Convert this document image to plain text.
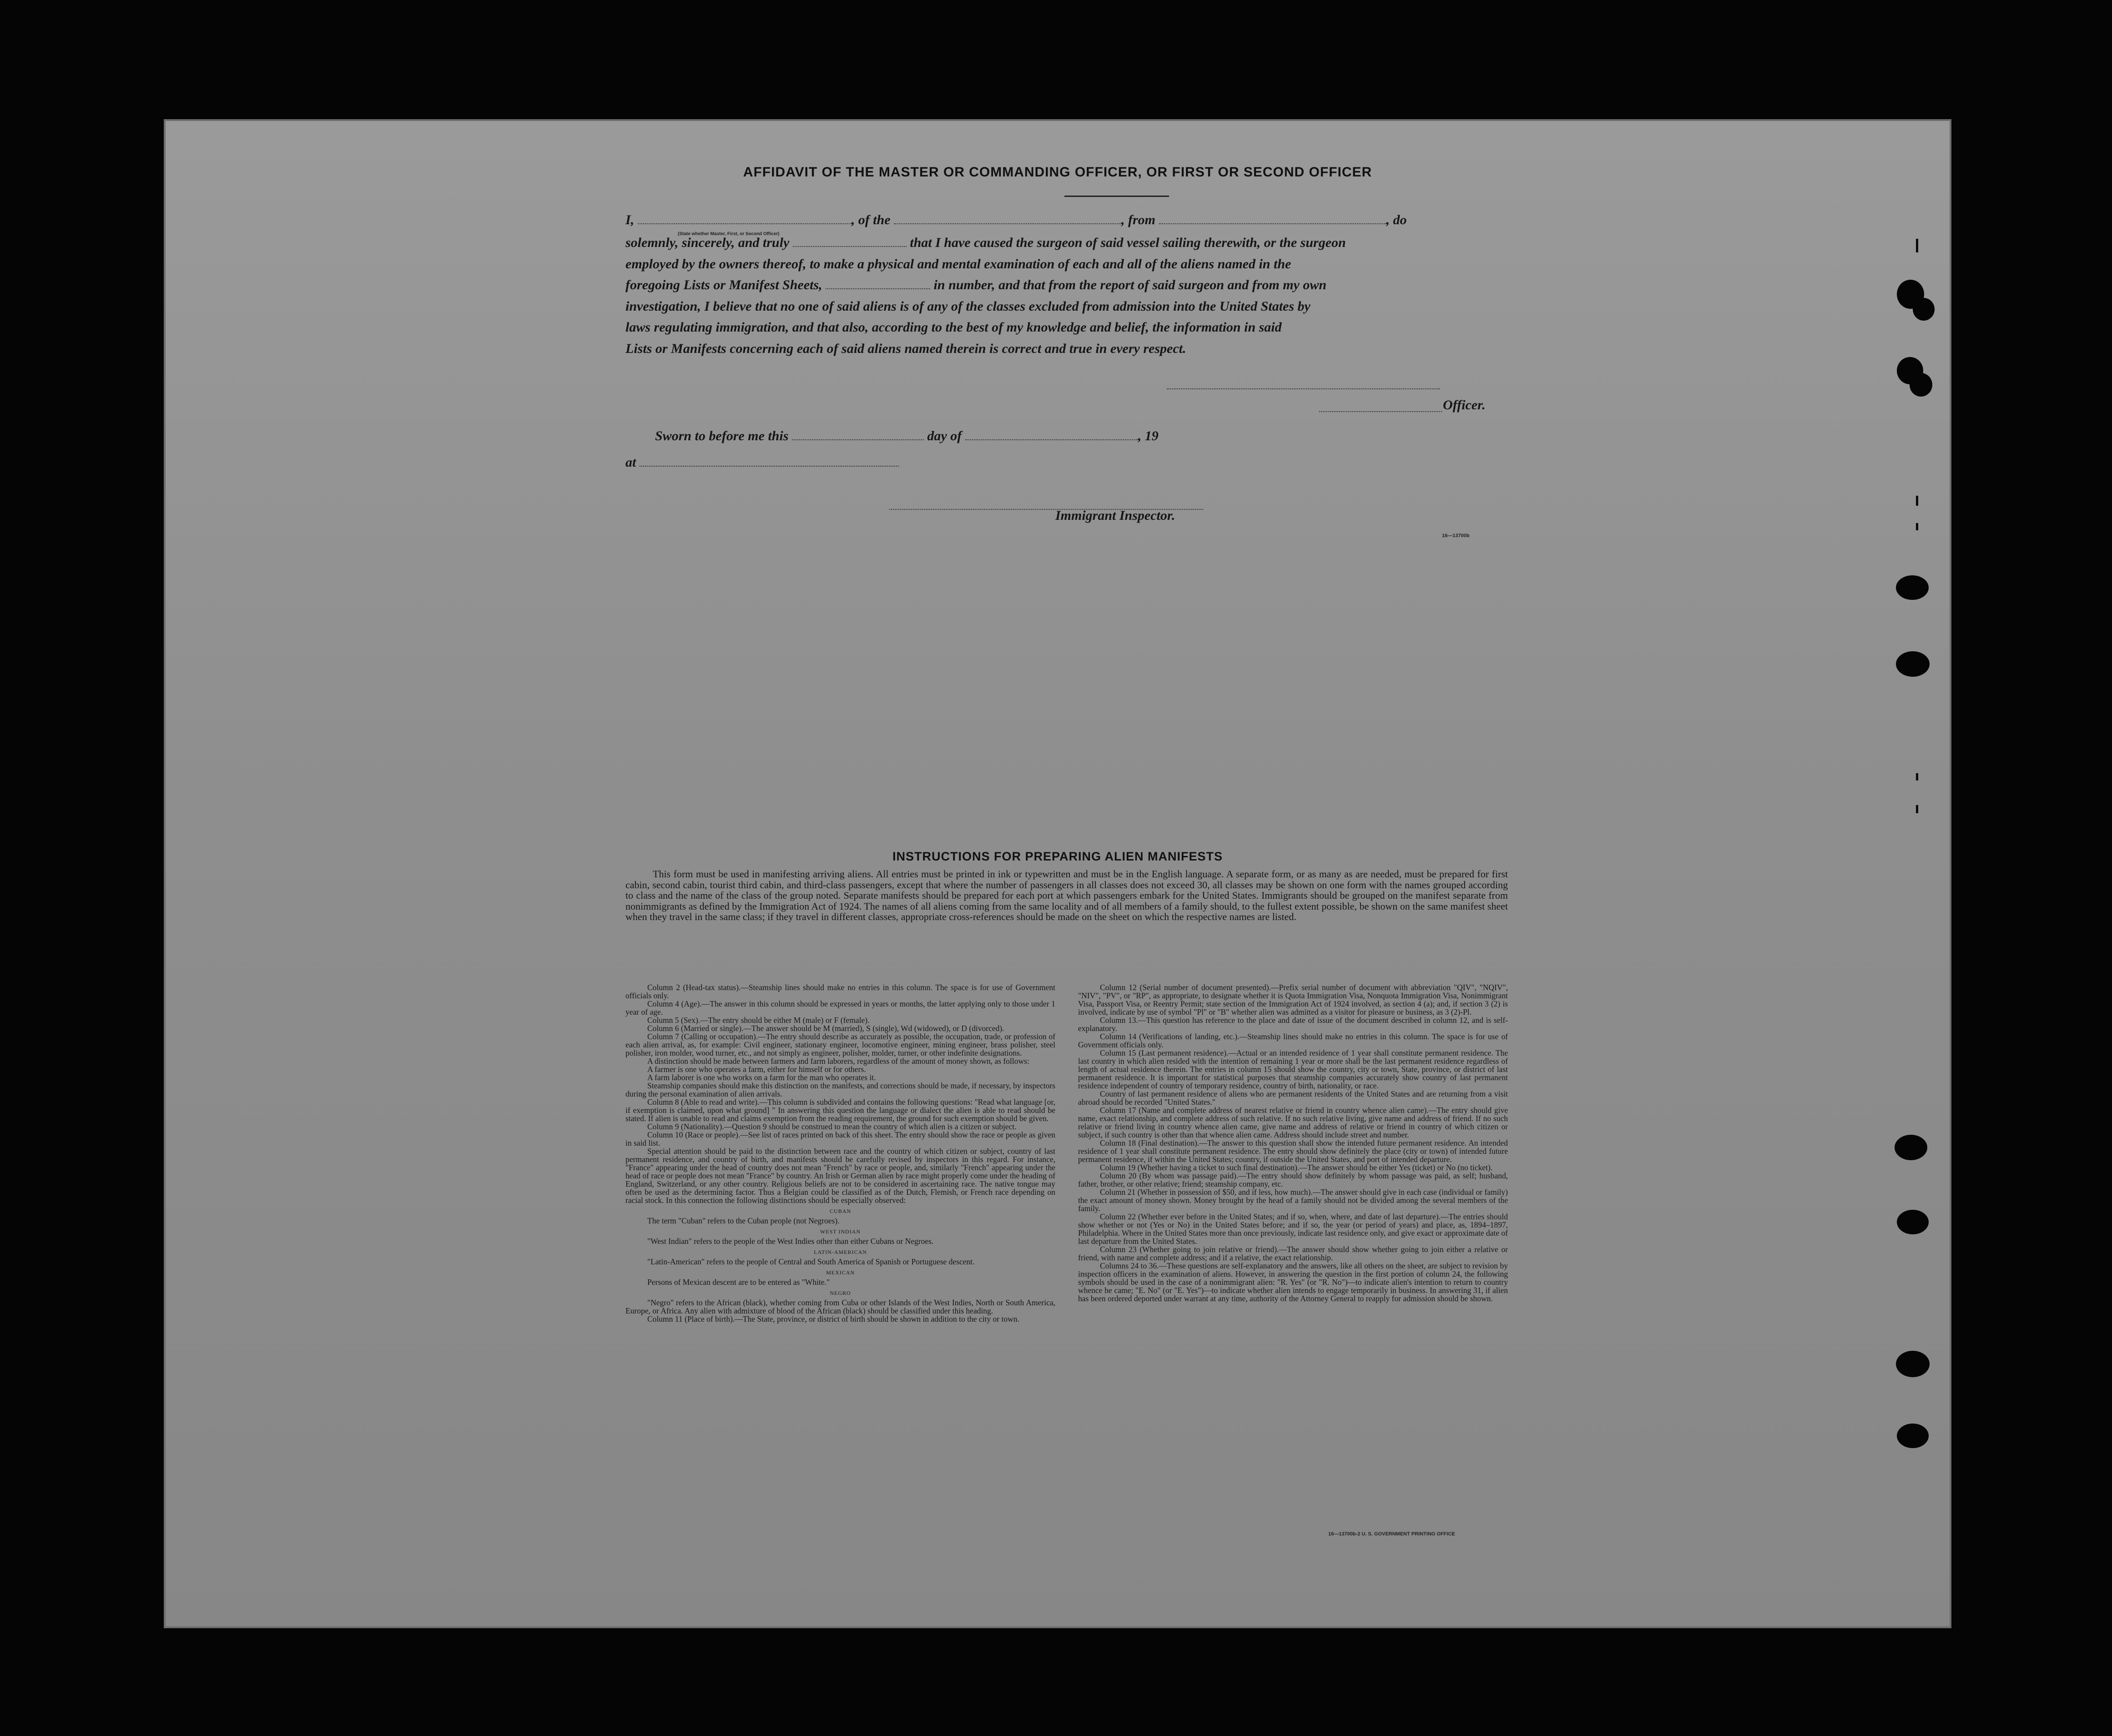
AFFIDAVIT OF THE MASTER OR COMMANDING OFFICER, OR FIRST OR SECOND OFFICER
I,	, of the	, from	, do
(State whether Master, First, or Second Officer)
solemnly, sincerely, and truly	that I have caused the surgeon of said vessel sailing therewith, or the surgeon
employed by the owners thereof, to make a physical and mental examination of each and all of the aliens named in the
foregoing Lists or Manifest Sheets,	in number, and that from the report of said surgeon and from my own
investigation, I believe that no one of said aliens is of any of the classes excluded from admission into the United States by
laws regulating immigration, and that also, according to the best of my knowledge and belief, the information in said
Lists or Manifests concerning each of said aliens named therein is correct and true in every respect.
Officer.
Sworn to before me this	day of	, 19
at
Immigrant Inspector.
16—13700b
INSTRUCTIONS FOR PREPARING ALIEN MANIFESTS
This form must be used in manifesting arriving aliens. All entries must be printed in ink or typewritten and must be in the English language. A separate form, or as many as are needed, must be prepared for first cabin, second cabin, tourist third cabin, and third-class passengers, except that where the number of passengers in all classes does not exceed 30, all classes may be shown on one form with the names grouped according to class and the name of the class of the group noted. Separate manifests should be prepared for each port at which passengers embark for the United States. Immigrants should be grouped on the manifest separate from nonimmigrants as defined by the Immigration Act of 1924. The names of all aliens coming from the same locality and of all members of a family should, to the fullest extent possible, be shown on the same manifest sheet when they travel in the same class; if they travel in different classes, appropriate cross-references should be made on the sheet on which the respective names are listed.

Column 2 (Head-tax status).—Steamship lines should make no entries in this column. The space is for use of Government officials only.

Column 4 (Age).—The answer in this column should be expressed in years or months, the latter applying only to those under 1 year of age.

Column 5 (Sex).—The entry should be either M (male) or F (female).

Column 6 (Married or single).—The answer should be M (married), S (single), Wd (widowed), or D (divorced).

Column 7 (Calling or occupation).—The entry should describe as accurately as possible, the occupation, trade, or profession of each alien arrival, as, for example: Civil engineer, stationary engineer, locomotive engineer, mining engineer, brass polisher, steel polisher, iron molder, wood turner, etc., and not simply as engineer, polisher, molder, turner, or other indefinite designations.

A distinction should be made between farmers and farm laborers, regardless of the amount of money shown, as follows:

A farmer is one who operates a farm, either for himself or for others.

A farm laborer is one who works on a farm for the man who operates it.

Steamship companies should make this distinction on the manifests, and corrections should be made, if necessary, by inspectors during the personal examination of alien arrivals.

Column 8 (Able to read and write).—This column is subdivided and contains the following questions: "Read what language [or, if exemption is claimed, upon what ground] " In answering this question the language or dialect the alien is able to read should be stated. If alien is unable to read and claims exemption from the reading requirement, the ground for such exemption should be given.

Column 9 (Nationality).—Question 9 should be construed to mean the country of which alien is a citizen or subject.

Column 10 (Race or people).—See list of races printed on back of this sheet. The entry should show the race or people as given in said list.

Special attention should be paid to the distinction between race and the country of which citizen or subject, country of last permanent residence, and country of birth, and manifests should be carefully revised by inspectors in this regard. For instance, "France" appearing under the head of country does not mean "French" by race or people, and, similarly "French" appearing under the head of race or people does not mean "France" by country. An Irish or German alien by race might properly come under the heading of England, Switzerland, or any other country. Religious beliefs are not to be considered in ascertaining race. The native tongue may often be used as the determining factor. Thus a Belgian could be classified as of the Dutch, Flemish, or French race depending on racial stock. In this connection the following distinctions should be especially observed:

CUBAN

The term "Cuban" refers to the Cuban people (not Negroes).

WEST INDIAN

"West Indian" refers to the people of the West Indies other than either Cubans or Negroes.

LATIN-AMERICAN

"Latin-American" refers to the people of Central and South America of Spanish or Portuguese descent.

MEXICAN

Persons of Mexican descent are to be entered as "White."

NEGRO

"Negro" refers to the African (black), whether coming from Cuba or other Islands of the West Indies, North or South America, Europe, or Africa. Any alien with admixture of blood of the African (black) should be classified under this heading.

Column 11 (Place of birth).—The State, province, or district of birth should be shown in addition to the city or town.

Column 12 (Serial number of document presented).—Prefix serial number of document with abbreviation "QIV", "NQIV", "NIV", "PV", or "RP", as appropriate, to designate whether it is Quota Immigration Visa, Nonquota Immigration Visa, Nonimmigrant Visa, Passport Visa, or Reentry Permit; state section of the Immigration Act of 1924 involved, as section 4 (a); and, if section 3 (2) is involved, indicate by use of symbol "Pl" or "B" whether alien was admitted as a visitor for pleasure or business, as 3 (2)-Pl.

Column 13.—This question has reference to the place and date of issue of the document described in column 12, and is self-explanatory.

Column 14 (Verifications of landing, etc.).—Steamship lines should make no entries in this column. The space is for use of Government officials only.

Column 15 (Last permanent residence).—Actual or an intended residence of 1 year shall constitute permanent residence. The last country in which alien resided with the intention of remaining 1 year or more shall be the last permanent residence regardless of length of actual residence therein. The entries in column 15 should show the country, city or town, State, province, or district of last permanent residence. It is important for statistical purposes that steamship companies accurately show country of last permanent residence independent of country of temporary residence, country of birth, nationality, or race.

Country of last permanent residence of aliens who are permanent residents of the United States and are returning from a visit abroad should be recorded "United States."

Column 17 (Name and complete address of nearest relative or friend in country whence alien came).—The entry should give name, exact relationship, and complete address of such relative. If no such relative living, give name and address of friend. If no such relative or friend living in country whence alien came, give name and address of relative or friend in country of which citizen or subject, if such country is other than that whence alien came. Address should include street and number.

Column 18 (Final destination).—The answer to this question shall show the intended future permanent residence. An intended residence of 1 year shall constitute permanent residence. The entry should show definitely the place (city or town) of intended future permanent residence, if within the United States; country, if outside the United States, and port of intended departure.

Column 19 (Whether having a ticket to such final destination).—The answer should be either Yes (ticket) or No (no ticket).

Column 20 (By whom was passage paid).—The entry should show definitely by whom passage was paid, as self; husband, father, brother, or other relative; friend; steamship company, etc.

Column 21 (Whether in possession of $50, and if less, how much).—The answer should give in each case (individual or family) the exact amount of money shown. Money brought by the head of a family should not be divided among the several members of the family.

Column 22 (Whether ever before in the United States; and if so, when, where, and date of last departure).—The entries should show whether or not (Yes or No) in the United States before; and if so, the year (or period of years) and place, as, 1894–1897, Philadelphia. Where in the United States more than once previously, indicate last residence only, and give exact or approximate date of last departure from the United States.

Column 23 (Whether going to join relative or friend).—The answer should show whether going to join either a relative or friend, with name and complete address; and if a relative, the exact relationship.

Columns 24 to 36.—These questions are self-explanatory and the answers, like all others on the sheet, are subject to revision by inspection officers in the examination of aliens. However, in answering the question in the first portion of column 24, the following symbols should be used in the case of a nonimmigrant alien: "R. Yes" (or "R. No")—to indicate alien's intention to return to country whence he came; "E. No" (or "E. Yes")—to indicate whether alien intends to engage temporarily in business. In answering 31, if alien has been ordered deported under warrant at any time, authority of the Attorney General to reapply for admission should be shown.

16—13700b-2 U. S. GOVERNMENT PRINTING OFFICE
